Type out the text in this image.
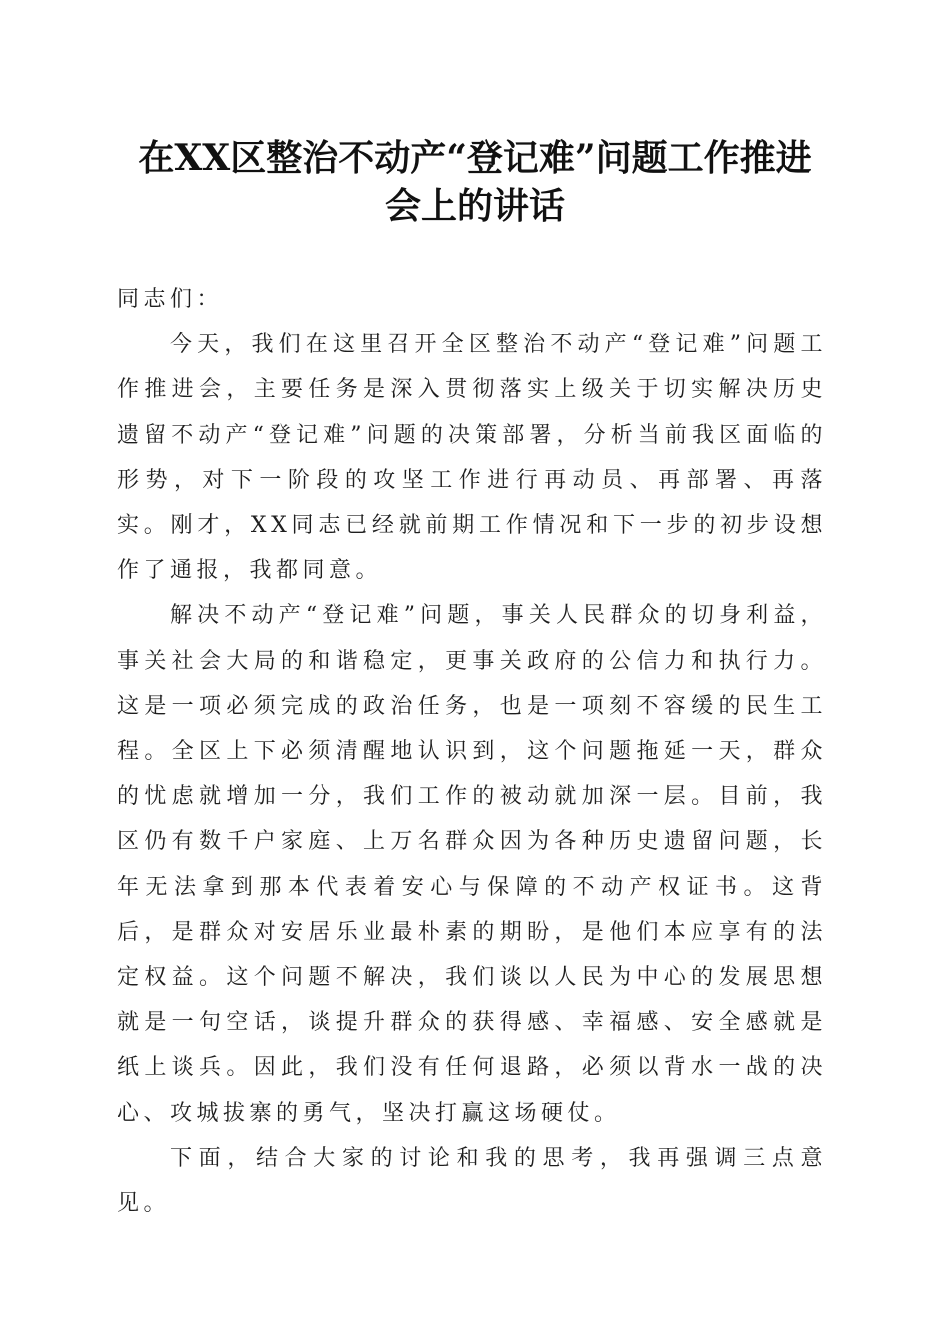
在XX区整治不动产“登记难”问题工作推进
会上的讲话

同志们：

今天，我们在这里召开全区整治不动产“登记难”问题工作推进会，主要任务是深入贯彻落实上级关于切实解决历史遗留不动产“登记难”问题的决策部署，分析当前我区面临的形势，对下一阶段的攻坚工作进行再动员、再部署、再落实。刚才，XX同志已经就前期工作情况和下一步的初步设想作了通报，我都同意。

解决不动产“登记难”问题，事关人民群众的切身利益，事关社会大局的和谐稳定，更事关政府的公信力和执行力。这是一项必须完成的政治任务，也是一项刻不容缓的民生工程。全区上下必须清醒地认识到，这个问题拖延一天，群众的忧虑就增加一分，我们工作的被动就加深一层。目前，我区仍有数千户家庭、上万名群众因为各种历史遗留问题，长年无法拿到那本代表着安心与保障的不动产权证书。这背后，是群众对安居乐业最朴素的期盼，是他们本应享有的法定权益。这个问题不解决，我们谈以人民为中心的发展思想就是一句空话，谈提升群众的获得感、幸福感、安全感就是纸上谈兵。因此，我们没有任何退路，必须以背水一战的决心、攻城拔寨的勇气，坚决打赢这场硬仗。

下面，结合大家的讨论和我的思考，我再强调三点意见。
